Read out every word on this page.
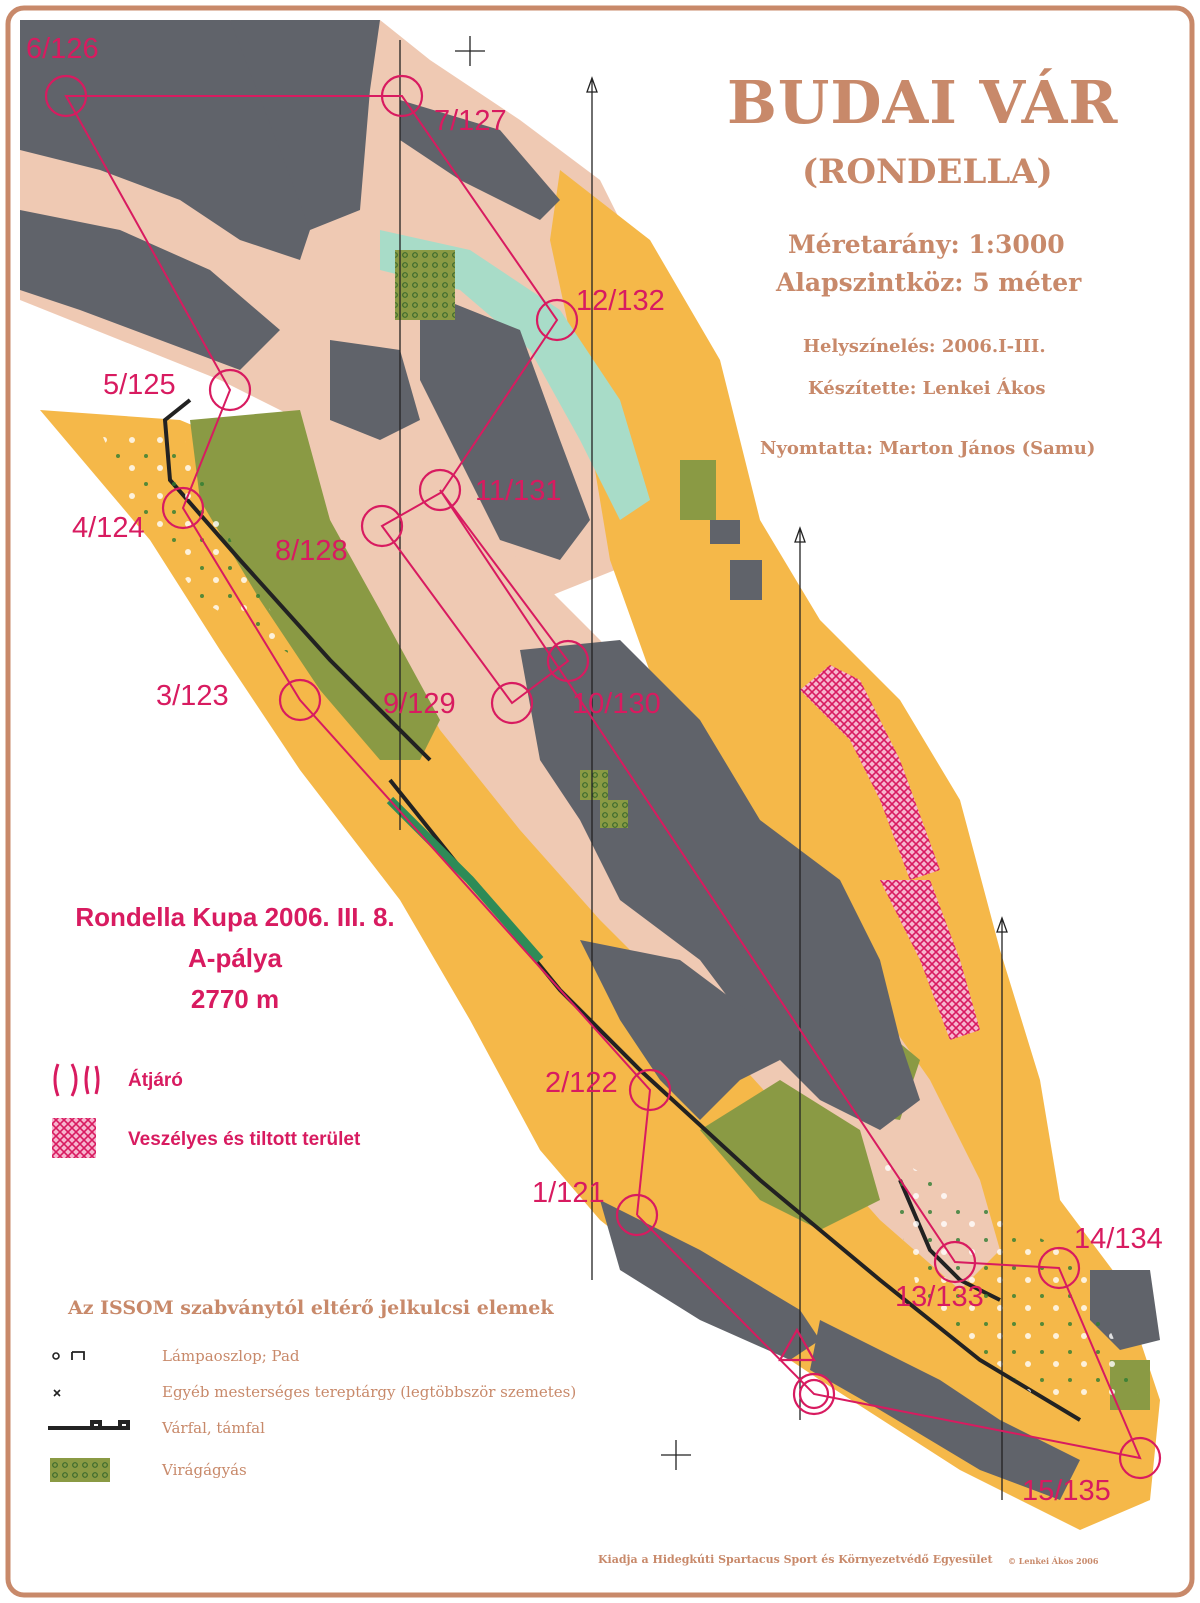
1/121
2/122
3/123
4/124
5/125
6/126
7/127
8/128
9/129	10/130
11/131
12/132
13/133
14/134
15/135
BUDAI VÁR
(RONDELLA)
Méretarány: 1:3000
Alapszintköz: 5 méter
Helyszínelés: 2006.I-III.
Készítette: Lenkei Ákos
Nyomtatta: Marton János (Samu)
Rondella Kupa 2006. III. 8.
A-pálya
2770 m
Átjáró
Veszélyes és tiltott terület
Az ISSOM szabványtól eltérő jelkulcsi elemek
Lámpaoszlop; Pad
Egyéb mesterséges tereptárgy (legtöbbször szemetes)
Várfal, támfal
Virágágyás
Kiadja a Hidegkúti Spartacus Sport és Környezetvédő Egyesület © Lenkei Ákos 2006
